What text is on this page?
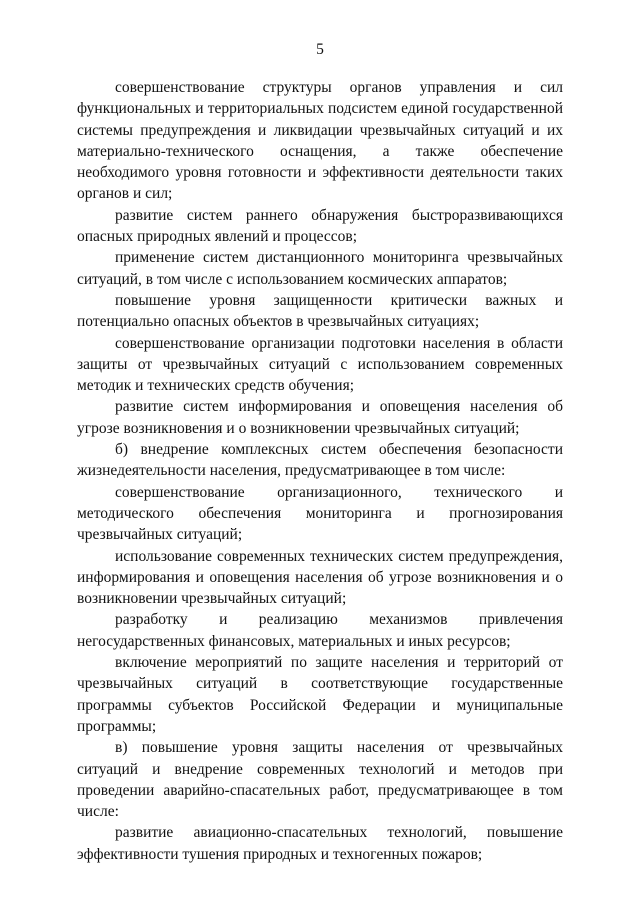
5

совершенствование структуры органов управления и сил функциональных и территориальных подсистем единой государственной системы предупреждения и ликвидации чрезвычайных ситуаций и их материально-технического оснащения, а также обеспечение необходимого уровня готовности и эффективности деятельности таких органов и сил;

развитие систем раннего обнаружения быстроразвивающихся опасных природных явлений и процессов;

применение систем дистанционного мониторинга чрезвычайных ситуаций, в том числе с использованием космических аппаратов;

повышение уровня защищенности критически важных и потенциально опасных объектов в чрезвычайных ситуациях;

совершенствование организации подготовки населения в области защиты от чрезвычайных ситуаций с использованием современных методик и технических средств обучения;

развитие систем информирования и оповещения населения об угрозе возникновения и о возникновении чрезвычайных ситуаций;

б) внедрение комплексных систем обеспечения безопасности жизнедеятельности населения, предусматривающее в том числе:

совершенствование организационного, технического и методического обеспечения мониторинга и прогнозирования чрезвычайных ситуаций;

использование современных технических систем предупреждения, информирования и оповещения населения об угрозе возникновения и о возникновении чрезвычайных ситуаций;

разработку и реализацию механизмов привлечения негосударственных финансовых, материальных и иных ресурсов;

включение мероприятий по защите населения и территорий от чрезвычайных ситуаций в соответствующие государственные программы субъектов Российской Федерации и муниципальные программы;

в) повышение уровня защиты населения от чрезвычайных ситуаций и внедрение современных технологий и методов при проведении аварийно-спасательных работ, предусматривающее в том числе:

развитие авиационно-спасательных технологий, повышение эффективности тушения природных и техногенных пожаров;
